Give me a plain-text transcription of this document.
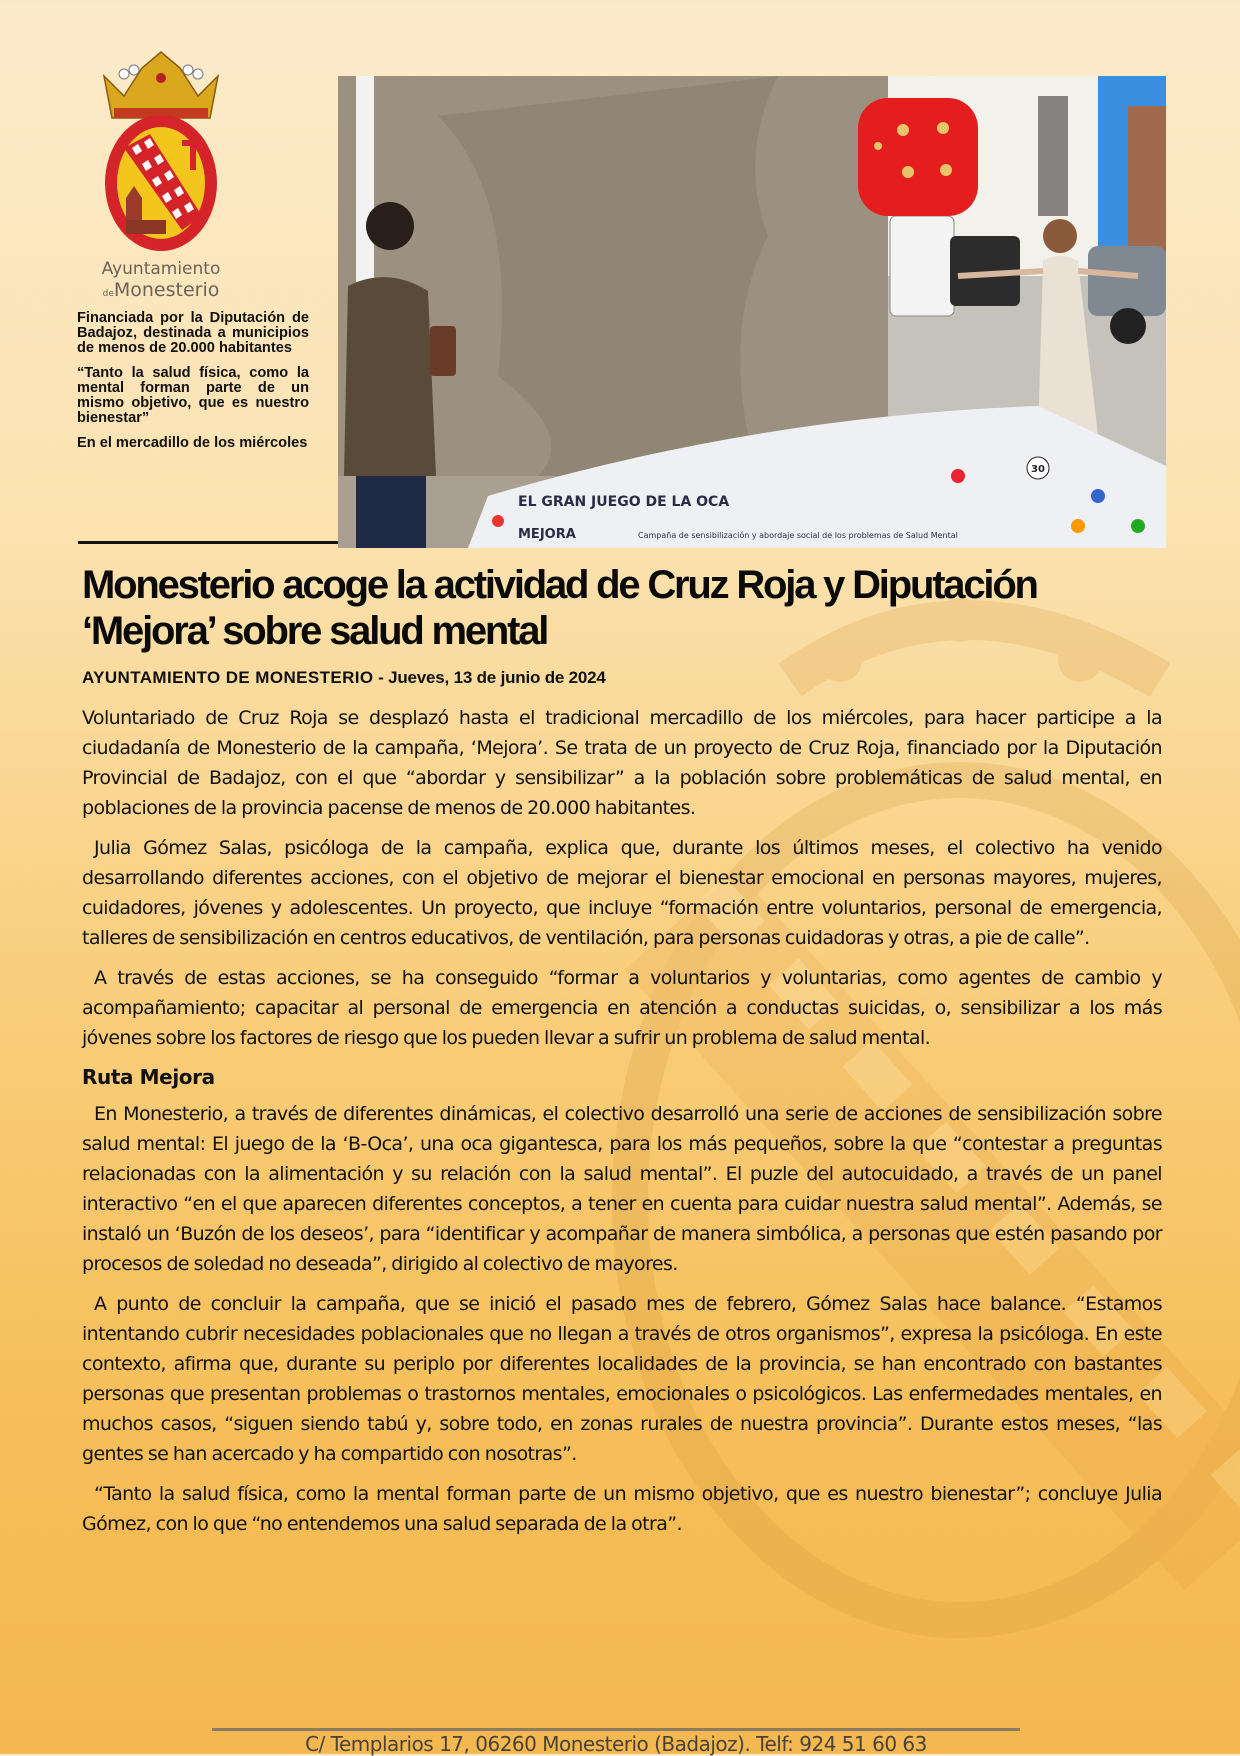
Ayuntamiento
deMonesterio

Financiada por la Diputación de Badajoz, destinada a municipios de menos de 20.000 habitantes

“Tanto la salud física, como la mental forman parte de un mismo objetivo, que es nuestro bienestar”

En el mercadillo de los miércoles

EL GRAN JUEGO DE LA OCA
MEJORA	Campaña de sensibilización y abordaje social de los problemas de Salud Mental
30
Monesterio acoge la actividad de Cruz Roja y Diputación ‘Mejora’ sobre salud mental
AYUNTAMIENTO DE MONESTERIO - Jueves, 13 de junio de 2024

Voluntariado de Cruz Roja se desplazó hasta el tradicional mercadillo de los miércoles, para hacer participe a la ciudadanía de Monesterio de la campaña, ‘Mejora’. Se trata de un proyecto de Cruz Roja, financiado por la Diputación Provincial de Badajoz, con el que “abordar y sensibilizar” a la población sobre problemáticas de salud mental, en poblaciones de la provincia pacense de menos de 20.000 habitantes.

Julia Gómez Salas, psicóloga de la campaña, explica que, durante los últimos meses, el colectivo ha venido desarrollando diferentes acciones, con el objetivo de mejorar el bienestar emocional en personas mayores, mujeres, cuidadores, jóvenes y adolescentes. Un proyecto, que incluye “formación entre voluntarios, personal de emergencia, talleres de sensibilización en centros educativos, de ventilación, para personas cuidadoras y otras, a pie de calle”.

A través de estas acciones, se ha conseguido “formar a voluntarios y voluntarias, como agentes de cambio y acompañamiento; capacitar al personal de emergencia en atención a conductas suicidas, o, sensibilizar a los más jóvenes sobre los factores de riesgo que los pueden llevar a sufrir un problema de salud mental.

Ruta Mejora

En Monesterio, a través de diferentes dinámicas, el colectivo desarrolló una serie de acciones de sensibilización sobre salud mental: El juego de la ‘B-Oca’, una oca gigantesca, para los más pequeños, sobre la que “contestar a preguntas relacionadas con la alimentación y su relación con la salud mental”. El puzle del autocuidado, a través de un panel interactivo “en el que aparecen diferentes conceptos, a tener en cuenta para cuidar nuestra salud mental”. Además, se instaló un ‘Buzón de los deseos’, para “identificar y acompañar de manera simbólica, a personas que estén pasando por procesos de soledad no deseada”, dirigido al colectivo de mayores.

A punto de concluir la campaña, que se inició el pasado mes de febrero, Gómez Salas hace balance. “Estamos intentando cubrir necesidades poblacionales que no llegan a través de otros organismos”, expresa la psicóloga. En este contexto, afirma que, durante su periplo por diferentes localidades de la provincia, se han encontrado con bastantes personas que presentan problemas o trastornos mentales, emocionales o psicológicos. Las enfermedades mentales, en muchos casos, “siguen siendo tabú y, sobre todo, en zonas rurales de nuestra provincia”. Durante estos meses, “las gentes se han acercado y ha compartido con nosotras”.

“Tanto la salud física, como la mental forman parte de un mismo objetivo, que es nuestro bienestar”; concluye Julia Gómez, con lo que “no entendemos una salud separada de la otra”.

C/ Templarios 17, 06260 Monesterio (Badajoz). Telf: 924 51 60 63
